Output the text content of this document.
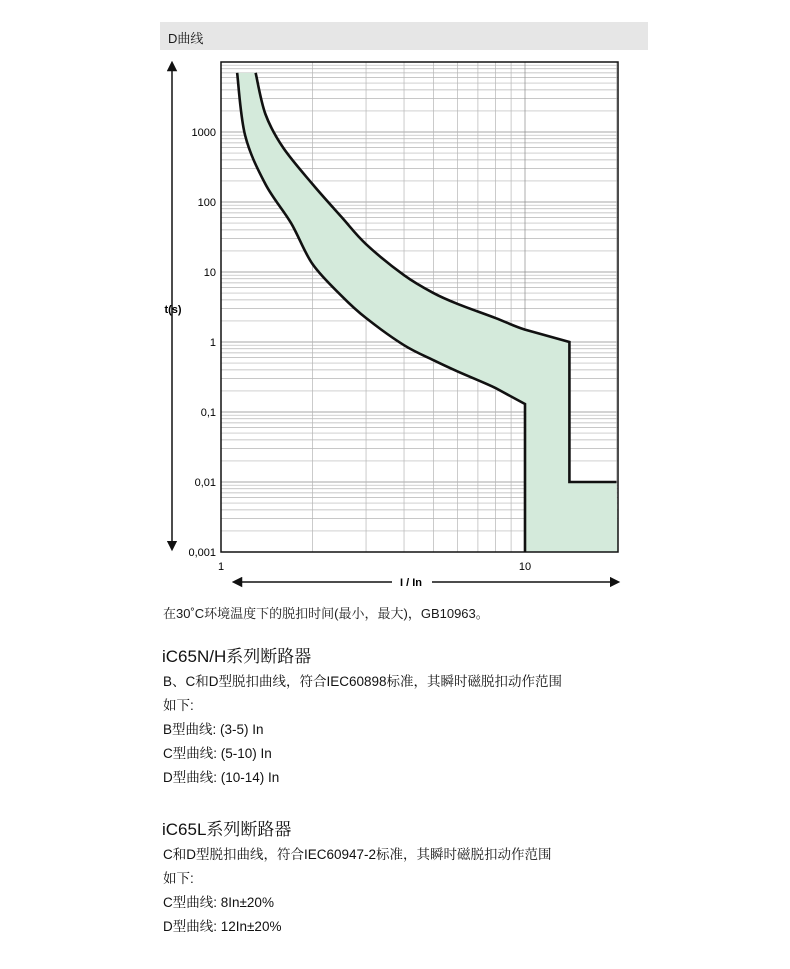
D曲线
1000
100
10
1
0,1
0,01
0,001
1	10
t(s)
I / In
在30˚C环境温度下的脱扣时间(最小，最大)，GB10963。
iC65N/H系列断路器
B、C和D型脱扣曲线，符合IEC60898标准，其瞬时磁脱扣动作范围
如下:
B型曲线: (3-5) In
C型曲线: (5-10) In
D型曲线: (10-14) In
iC65L系列断路器
C和D型脱扣曲线，符合IEC60947-2标准，其瞬时磁脱扣动作范围
如下:
C型曲线: 8In±20%
D型曲线: 12In±20%
